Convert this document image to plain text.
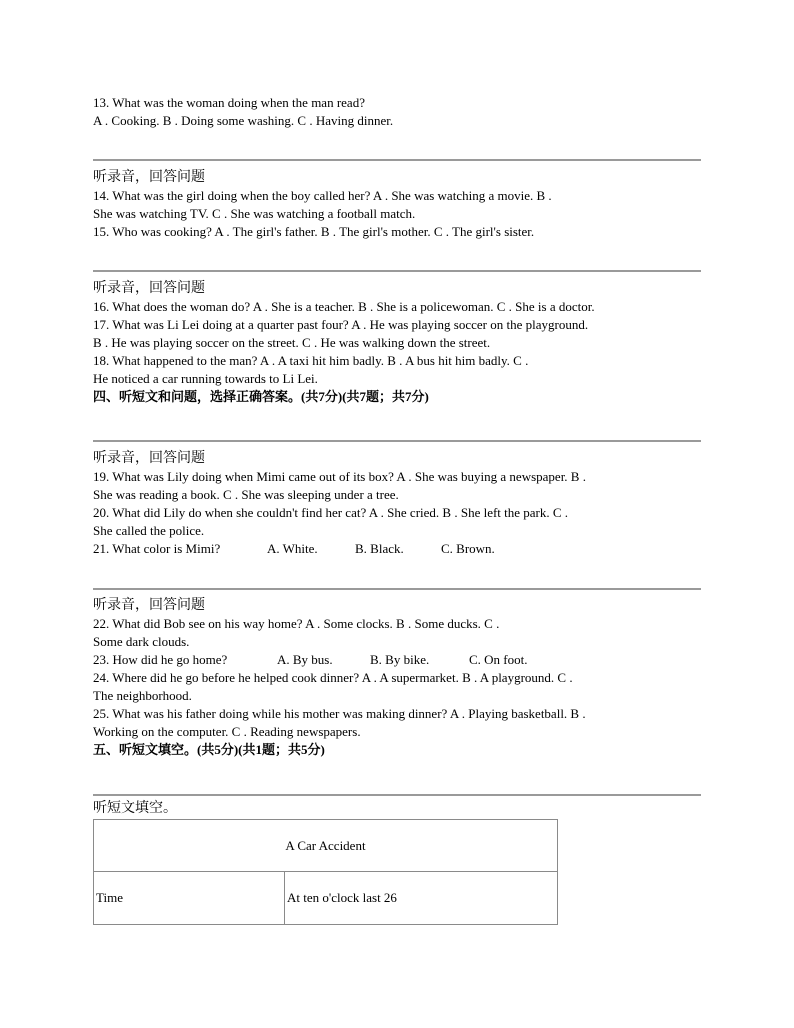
13. What was the woman doing when the man read?
A . Cooking. B . Doing some washing. C . Having dinner.
听录音，回答问题
14. What was the girl doing when the boy called her? A . She was watching a movie. B .
She was watching TV. C . She was watching a football match.
15. Who was cooking? A . The girl's father. B . The girl's mother. C . The girl's sister.
听录音，回答问题
16. What does the woman do? A . She is a teacher. B . She is a policewoman. C . She is a doctor.
17. What was Li Lei doing at a quarter past four? A . He was playing soccer on the playground.
B . He was playing soccer on the street. C . He was walking down the street.
18. What happened to the man? A . A taxi hit him badly. B . A bus hit him badly. C .
He noticed a car running towards to Li Lei.
四、听短文和问题，选择正确答案。(共7分)(共7题；共7分)
听录音，回答问题
19. What was Lily doing when Mimi came out of its box? A . She was buying a newspaper. B .
She was reading a book. C . She was sleeping under a tree.
20. What did Lily do when she couldn't find her cat? A . She cried. B . She left the park. C .
She called the police.
21. What color is Mimi?	A. White.	B. Black.	C. Brown.
听录音，回答问题
22. What did Bob see on his way home? A . Some clocks. B . Some ducks. C .
Some dark clouds.
23. How did he go home?	A. By bus.	B. By bike.	C. On foot.
24. Where did he go before he helped cook dinner? A . A supermarket. B . A playground. C .
The neighborhood.
25. What was his father doing while his mother was making dinner? A . Playing basketball. B .
Working on the computer. C . Reading newspapers.
五、听短文填空。(共5分)(共1题；共5分)
听短文填空。
A Car Accident
Time	At ten o'clock last 26
